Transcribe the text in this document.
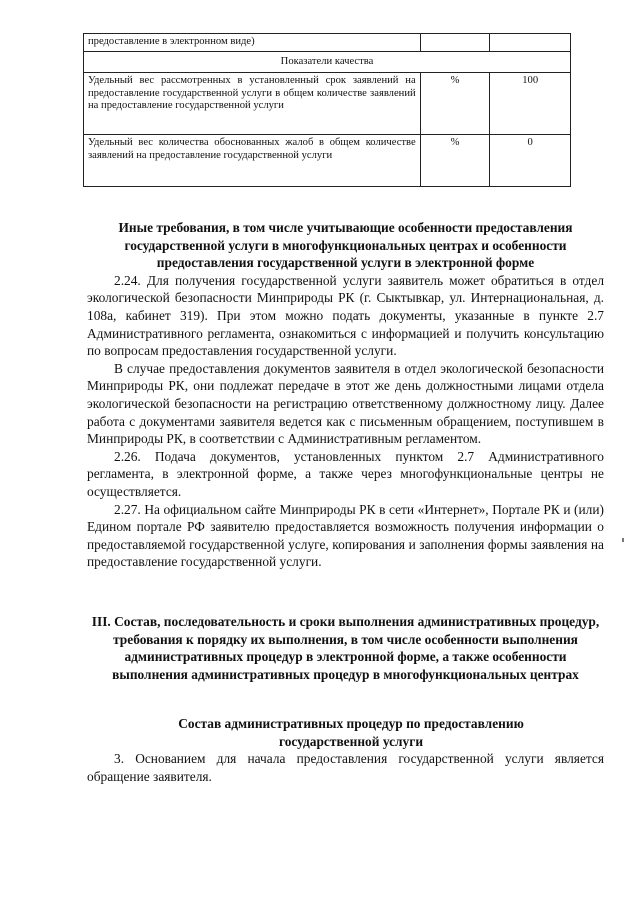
предоставление в электронном виде)		
Показатели качества		
Удельный вес рассмотренных в установленный срок заявлений на предоставление государственной услуги в общем количестве заявлений на предоставление государственной услуги	%	100
Удельный вес количества обоснованных жалоб в общем количестве заявлений на предоставление государственной услуги	%	0

Иные требования, в том числе учитывающие особенности предоставления государственной услуги в многофункциональных центрах и особенности предоставления государственной услуги в электронной форме

2.24. Для получения государственной услуги заявитель может обратиться в отдел экологической безопасности Минприроды РК (г. Сыктывкар, ул. Интернациональная, д. 108а, кабинет 319). При этом можно подать документы, указанные в пункте 2.7 Административного регламента, ознакомиться с информацией и получить консультацию по вопросам предоставления государственной услуги.

В случае предоставления документов заявителя в отдел экологической безопасности Минприроды РК, они подлежат передаче в этот же день должностными лицами отдела экологической безопасности на регистрацию ответственному должностному лицу. Далее работа с документами заявителя ведется как с письменным обращением, поступившем в Минприроды РК, в соответствии с Административным регламентом.

2.26. Подача документов, установленных пунктом 2.7 Административного регламента, в электронной форме, а также через многофункциональные центры не осуществляется.

2.27. На официальном сайте Минприроды РК в сети «Интернет», Портале РК и (или) Едином портале РФ заявителю предоставляется возможность получения информации о предоставляемой государственной услуге, копирования и заполнения формы заявления на предоставление государственной услуги.

III. Состав, последовательность и сроки выполнения административных процедур, требования к порядку их выполнения, в том числе особенности выполнения административных процедур в электронной форме, а также особенности выполнения административных процедур в многофункциональных центрах

Состав административных процедур по предоставлению государственной услуги

3. Основанием для начала предоставления государственной услуги является обращение заявителя.
